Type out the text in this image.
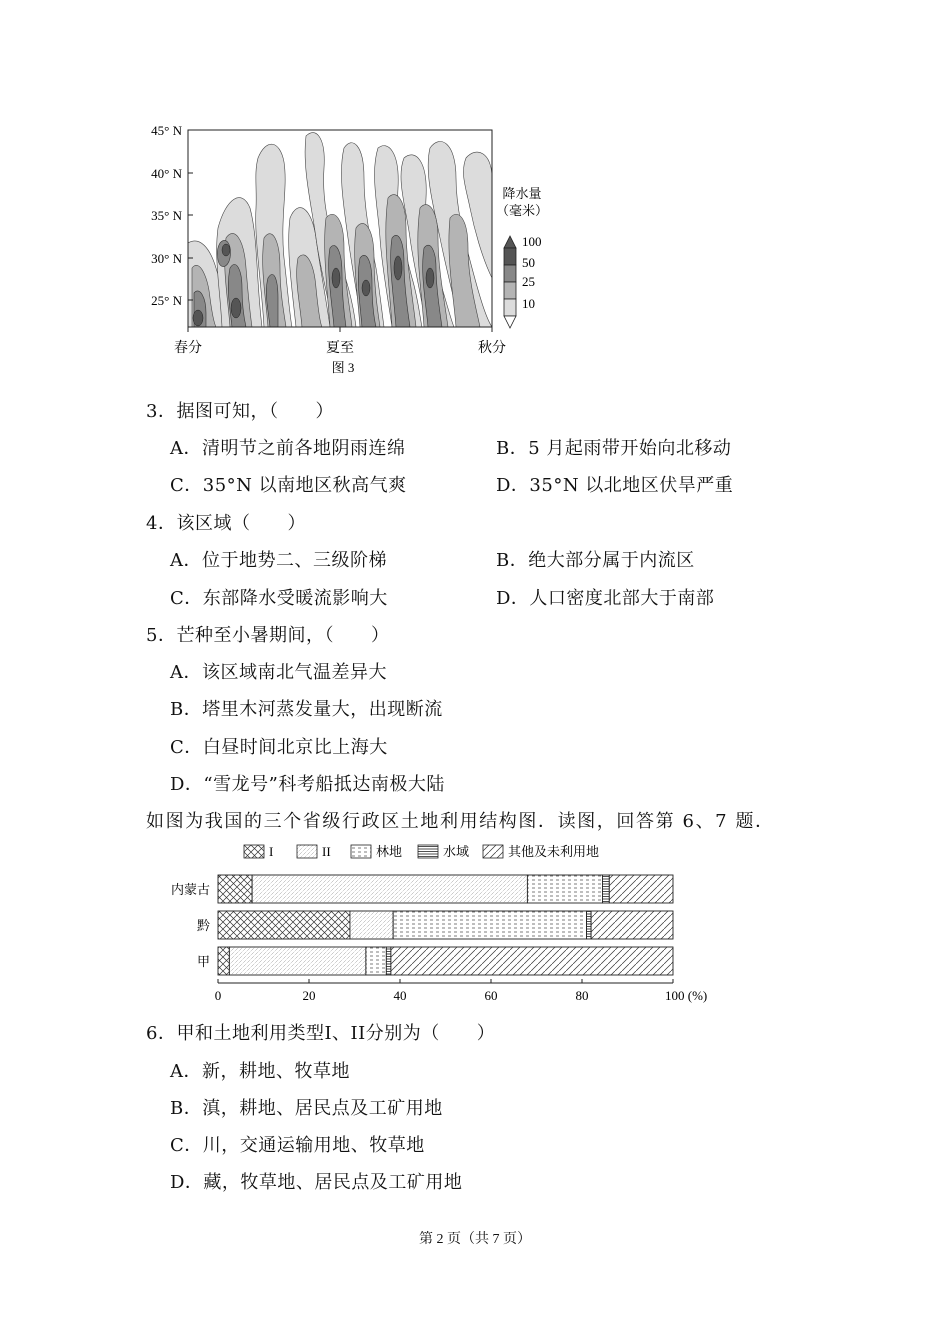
45° N
40° N
35° N
30° N
25° N
春分	夏至	秋分
图 3
降水量
（毫米）
100
50
25
10
3．据图可知，（　　）
A．清明节之前各地阴雨连绵	B．5 月起雨带开始向北移动
C．35°N 以南地区秋高气爽	D．35°N 以北地区伏旱严重
4．该区域（　　）
A．位于地势二、三级阶梯	B．绝大部分属于内流区
C．东部降水受暖流影响大	D．人口密度北部大于南部
5．芒种至小暑期间，（　　）
A．该区域南北气温差异大
B．塔里木河蒸发量大，出现断流
C．白昼时间北京比上海大
D．“雪龙号”科考船抵达南极大陆
如图为我国的三个省级行政区土地利用结构图．读图，回答第 6、7 题．
I	II	林地	水域	其他及未利用地
内蒙古
黔
甲
0	20	40	60	80	100 (%)
6．甲和土地利用类型I、II分别为（　　）
A．新，耕地、牧草地
B．滇，耕地、居民点及工矿用地
C．川，交通运输用地、牧草地
D．藏，牧草地、居民点及工矿用地
第 2 页（共 7 页）
